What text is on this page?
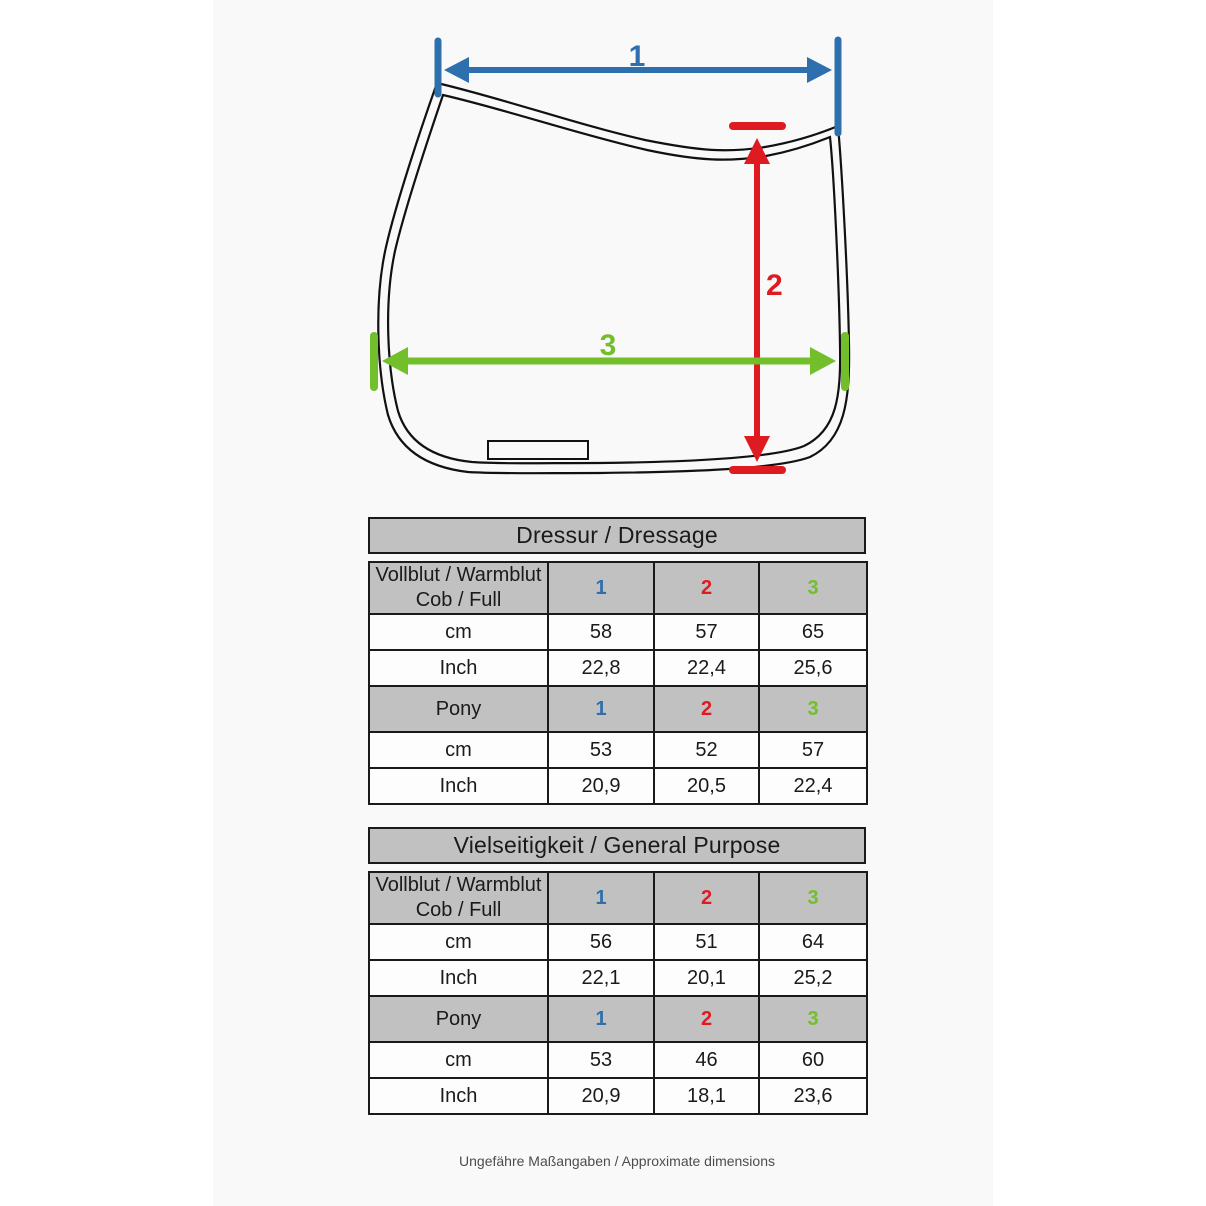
1
2
3
Dressur / Dressage
Vollblut / Warmblut
Cob / Full	1	2	3
cm	58	57	65
Inch	22,8	22,4	25,6

Pony	1	2	3
cm	53	52	57
Inch	20,9	20,5	22,4
Vielseitigkeit / General Purpose
Vollblut / Warmblut
Cob / Full	1	2	3
cm	56	51	64
Inch	22,1	20,1	25,2

Pony	1	2	3
cm	53	46	60
Inch	20,9	18,1	23,6
Ungefähre Maßangaben / Approximate dimensions
